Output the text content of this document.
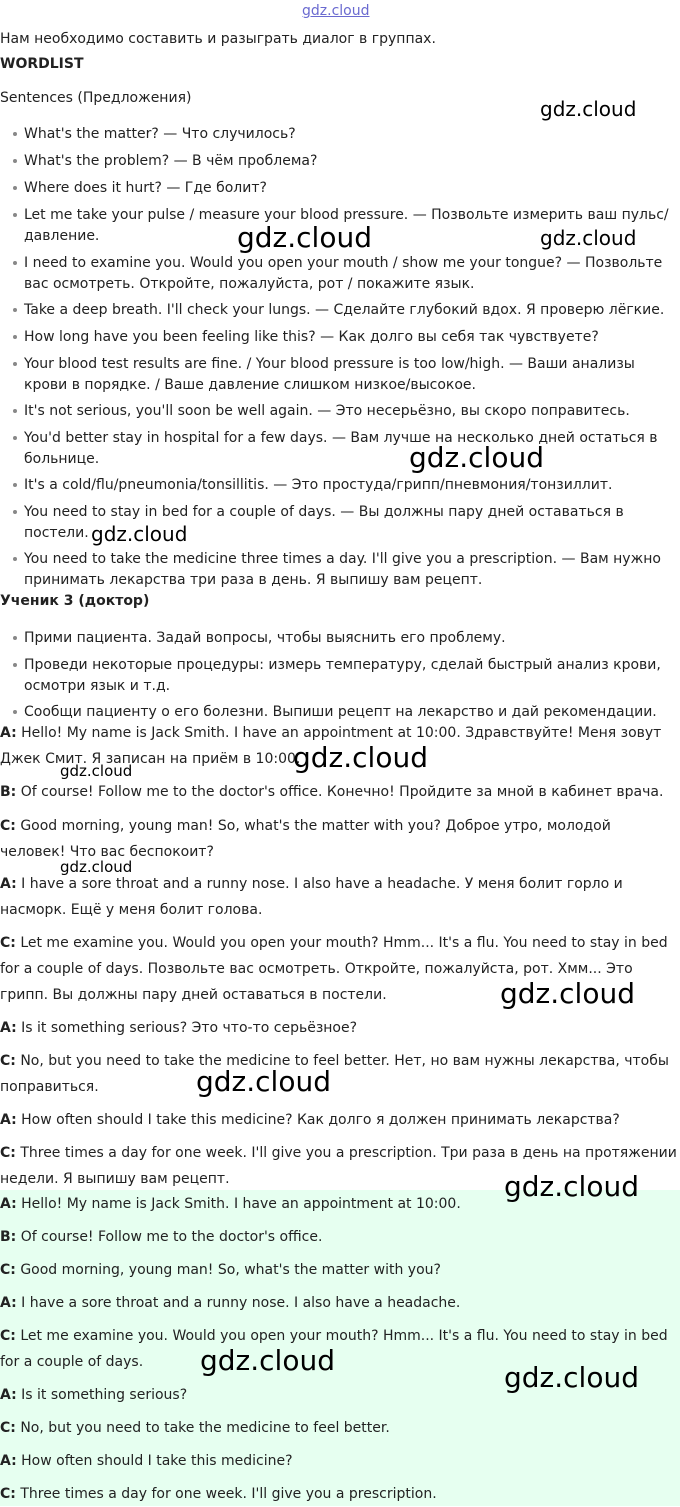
gdz.cloud
Нам необходимо составить и разыграть диалог в группах.
WORDLIST
Sentences (Предложения)
What's the matter? — Что случилось?
What's the problem? — В чём проблема?
Where does it hurt? — Где болит?
Let me take your pulse / measure your blood pressure. — Позвольте измерить ваш пульс/давление.
I need to examine you. Would you open your mouth / show me your tongue? — Позвольте вас осмотреть. Откройте, пожалуйста, рот / покажите язык.
Take a deep breath. I'll check your lungs. — Сделайте глубокий вдох. Я проверю лёгкие.
How long have you been feeling like this? — Как долго вы себя так чувствуете?
Your blood test results are fine. / Your blood pressure is too low/high. — Ваши анализы крови в порядке. / Ваше давление слишком низкое/высокое.
It's not serious, you'll soon be well again. — Это несерьёзно, вы скоро поправитесь.
You'd better stay in hospital for a few days. — Вам лучше на несколько дней остаться в больнице.
It's a cold/flu/pneumonia/tonsillitis. — Это простуда/грипп/пневмония/тонзиллит.
You need to stay in bed for a couple of days. — Вы должны пару дней оставаться в постели.
You need to take the medicine three times a day. I'll give you a prescription. — Вам нужно принимать лекарства три раза в день. Я выпишу вам рецепт.
Ученик 3 (доктор)
Прими пациента. Задай вопросы, чтобы выяснить его проблему.
Проведи некоторые процедуры: измерь температуру, сделай быстрый анализ крови, осмотри язык и т.д.
Сообщи пациенту о его болезни. Выпиши рецепт на лекарство и дай рекомендации.
A: Hello! My name is Jack Smith. I have an appointment at 10:00. Здравствуйте! Меня зовут Джек Смит. Я записан на приём в 10:00.
B: Of course! Follow me to the doctor's office. Конечно! Пройдите за мной в кабинет врача.
C: Good morning, young man! So, what's the matter with you? Доброе утро, молодой человек! Что вас беспокоит?
A: I have a sore throat and a runny nose. I also have a headache. У меня болит горло и насморк. Ещё у меня болит голова.
C: Let me examine you. Would you open your mouth? Hmm... It's a flu. You need to stay in bed for a couple of days. Позвольте вас осмотреть. Откройте, пожалуйста, рот. Хмм... Это грипп. Вы должны пару дней оставаться в постели.
A: Is it something serious? Это что-то серьёзное?
C: No, but you need to take the medicine to feel better. Нет, но вам нужны лекарства, чтобы поправиться.
A: How often should I take this medicine? Как долго я должен принимать лекарства?
C: Three times a day for one week. I'll give you a prescription. Три раза в день на протяжении недели. Я выпишу вам рецепт.
A: Hello! My name is Jack Smith. I have an appointment at 10:00.
B: Of course! Follow me to the doctor's office.
C: Good morning, young man! So, what's the matter with you?
A: I have a sore throat and a runny nose. I also have a headache.
C: Let me examine you. Would you open your mouth? Hmm... It's a flu. You need to stay in bed for a couple of days.
A: Is it something serious?
C: No, but you need to take the medicine to feel better.
A: How often should I take this medicine?
C: Three times a day for one week. I'll give you a prescription.
gdz.cloud
gdz.cloud	gdz.cloud
gdz.cloud
gdz.cloud
gdz.cloud
gdz.cloud
gdz.cloud
gdz.cloud
gdz.cloud
gdz.cloud
gdz.cloud
gdz.cloud
